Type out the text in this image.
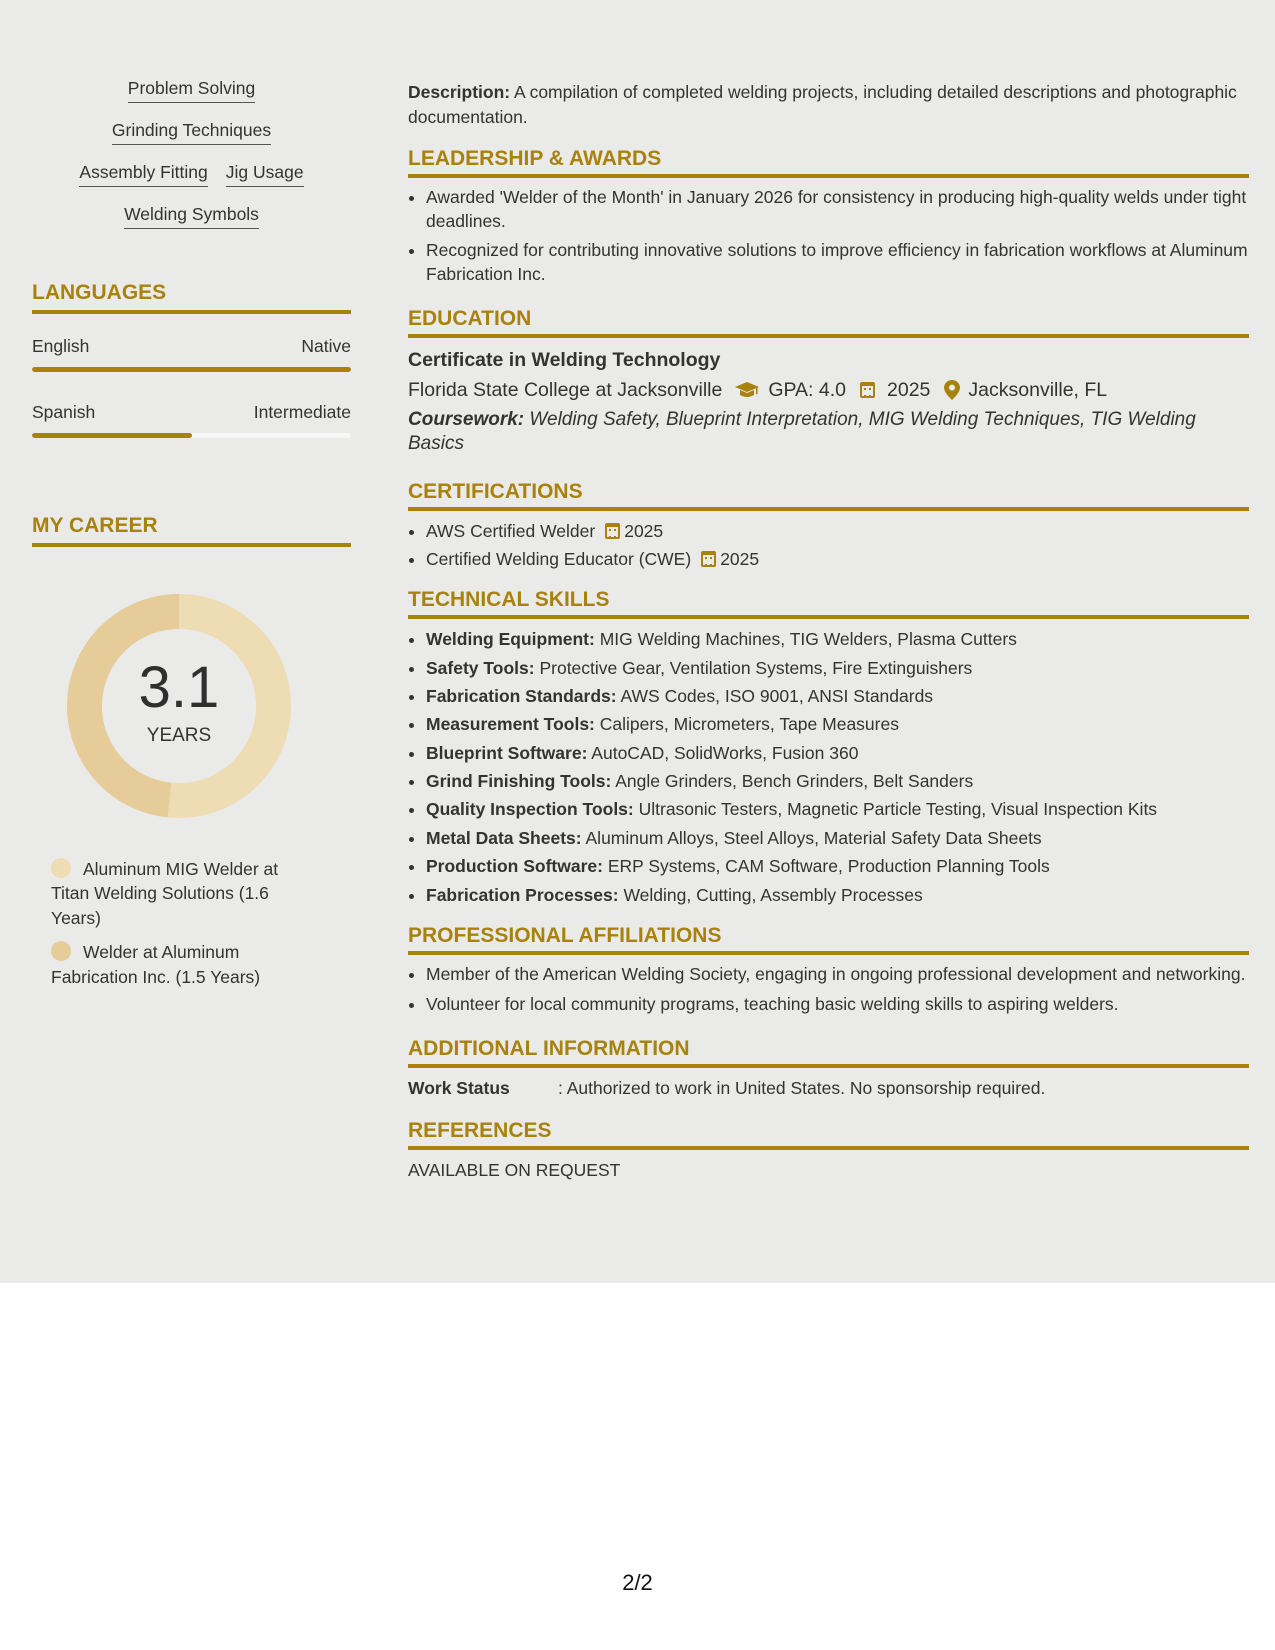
Problem Solving
Grinding Techniques
Assembly Fitting Jig Usage
Welding Symbols
LANGUAGES
English	Native
Spanish	Intermediate
MY CAREER
3.1
YEARS
Aluminum MIG Welder at Titan Welding Solutions (1.6 Years)
Welder at Aluminum Fabrication Inc. (1.5 Years)
Description: A compilation of completed welding projects, including detailed descriptions and photographic documentation.
LEADERSHIP & AWARDS
• Awarded 'Welder of the Month' in January 2026 for consistency in producing high-quality welds under tight deadlines.
• Recognized for contributing innovative solutions to improve efficiency in fabrication workflows at Aluminum Fabrication Inc.
EDUCATION
Certificate in Welding Technology
Florida State College at Jacksonville GPA: 4.0 2025 Jacksonville, FL
Coursework: Welding Safety, Blueprint Interpretation, MIG Welding Techniques, TIG Welding Basics
CERTIFICATIONS
• AWS Certified Welder 2025
• Certified Welding Educator (CWE) 2025
TECHNICAL SKILLS
• Welding Equipment: MIG Welding Machines, TIG Welders, Plasma Cutters
• Safety Tools: Protective Gear, Ventilation Systems, Fire Extinguishers
• Fabrication Standards: AWS Codes, ISO 9001, ANSI Standards
• Measurement Tools: Calipers, Micrometers, Tape Measures
• Blueprint Software: AutoCAD, SolidWorks, Fusion 360
• Grind Finishing Tools: Angle Grinders, Bench Grinders, Belt Sanders
• Quality Inspection Tools: Ultrasonic Testers, Magnetic Particle Testing, Visual Inspection Kits
• Metal Data Sheets: Aluminum Alloys, Steel Alloys, Material Safety Data Sheets
• Production Software: ERP Systems, CAM Software, Production Planning Tools
• Fabrication Processes: Welding, Cutting, Assembly Processes
PROFESSIONAL AFFILIATIONS
• Member of the American Welding Society, engaging in ongoing professional development and networking.
• Volunteer for local community programs, teaching basic welding skills to aspiring welders.
ADDITIONAL INFORMATION
Work Status	: Authorized to work in United States. No sponsorship required.
REFERENCES
AVAILABLE ON REQUEST
2/2
